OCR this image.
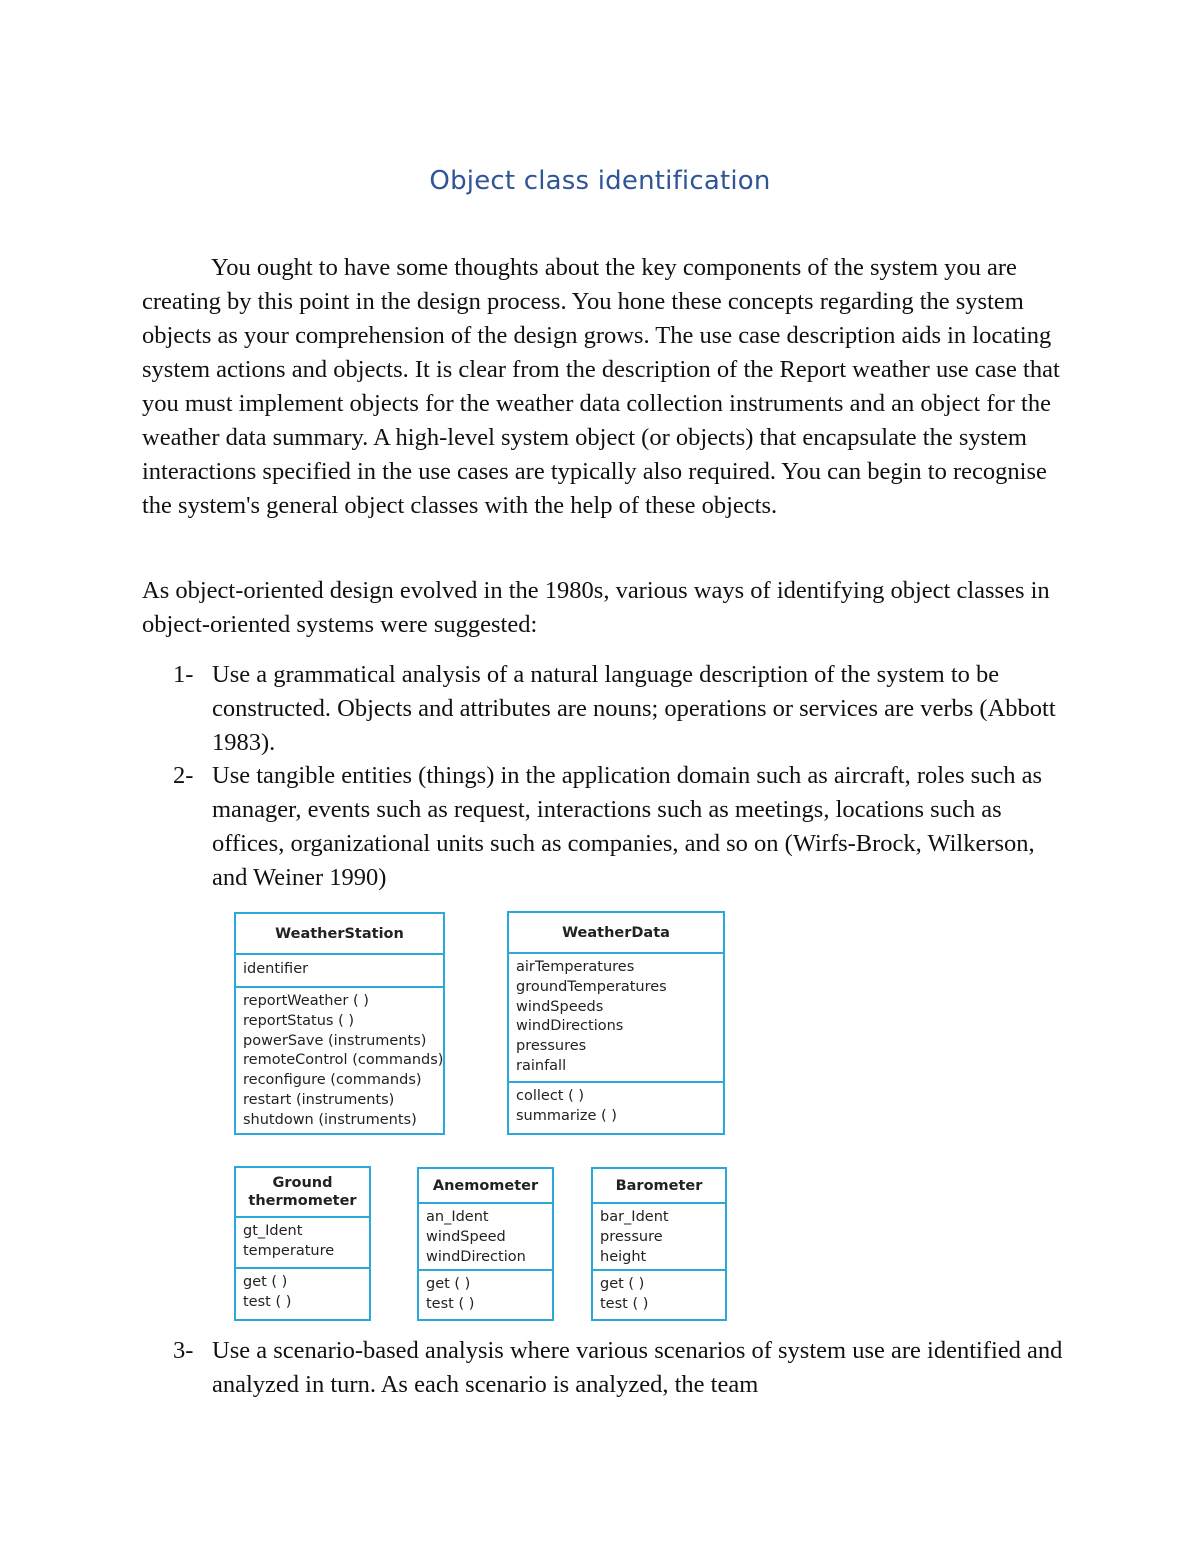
Object class identification

You ought to have some thoughts about the key components of the system you are creating by this point in the design process. You hone these concepts regarding the system objects as your comprehension of the design grows. The use case description aids in locating system actions and objects. It is clear from the description of the Report weather use case that you must implement objects for the weather data collection instruments and an object for the weather data summary. A high-level system object (or objects) that encapsulate the system interactions specified in the use cases are typically also required. You can begin to recognise the system's general object classes with the help of these objects.

As object-oriented design evolved in the 1980s, various ways of identifying object classes in object-oriented systems were suggested:

1- Use a grammatical analysis of a natural language description of the system to be constructed. Objects and attributes are nouns; operations or services are verbs (Abbott 1983).
2- Use tangible entities (things) in the application domain such as aircraft, roles such as manager, events such as request, interactions such as meetings, locations such as offices, organizational units such as companies, and so on (Wirfs-Brock, Wilkerson, and Weiner 1990)
WeatherStation
identifier
reportWeather ( )
reportStatus ( )
powerSave (instruments)
remoteControl (commands)
reconfigure (commands)
restart (instruments)
shutdown (instruments)
WeatherData
airTemperatures
groundTemperatures
windSpeeds
windDirections
pressures
rainfall
collect ( )
summarize ( )
Ground
thermometer
gt_Ident
temperature
get ( )
test ( )
Anemometer
an_Ident
windSpeed
windDirection
get ( )
test ( )
Barometer
bar_Ident
pressure
height
get ( )
test ( )
3- Use a scenario-based analysis where various scenarios of system use are identified and analyzed in turn. As each scenario is analyzed, the team
